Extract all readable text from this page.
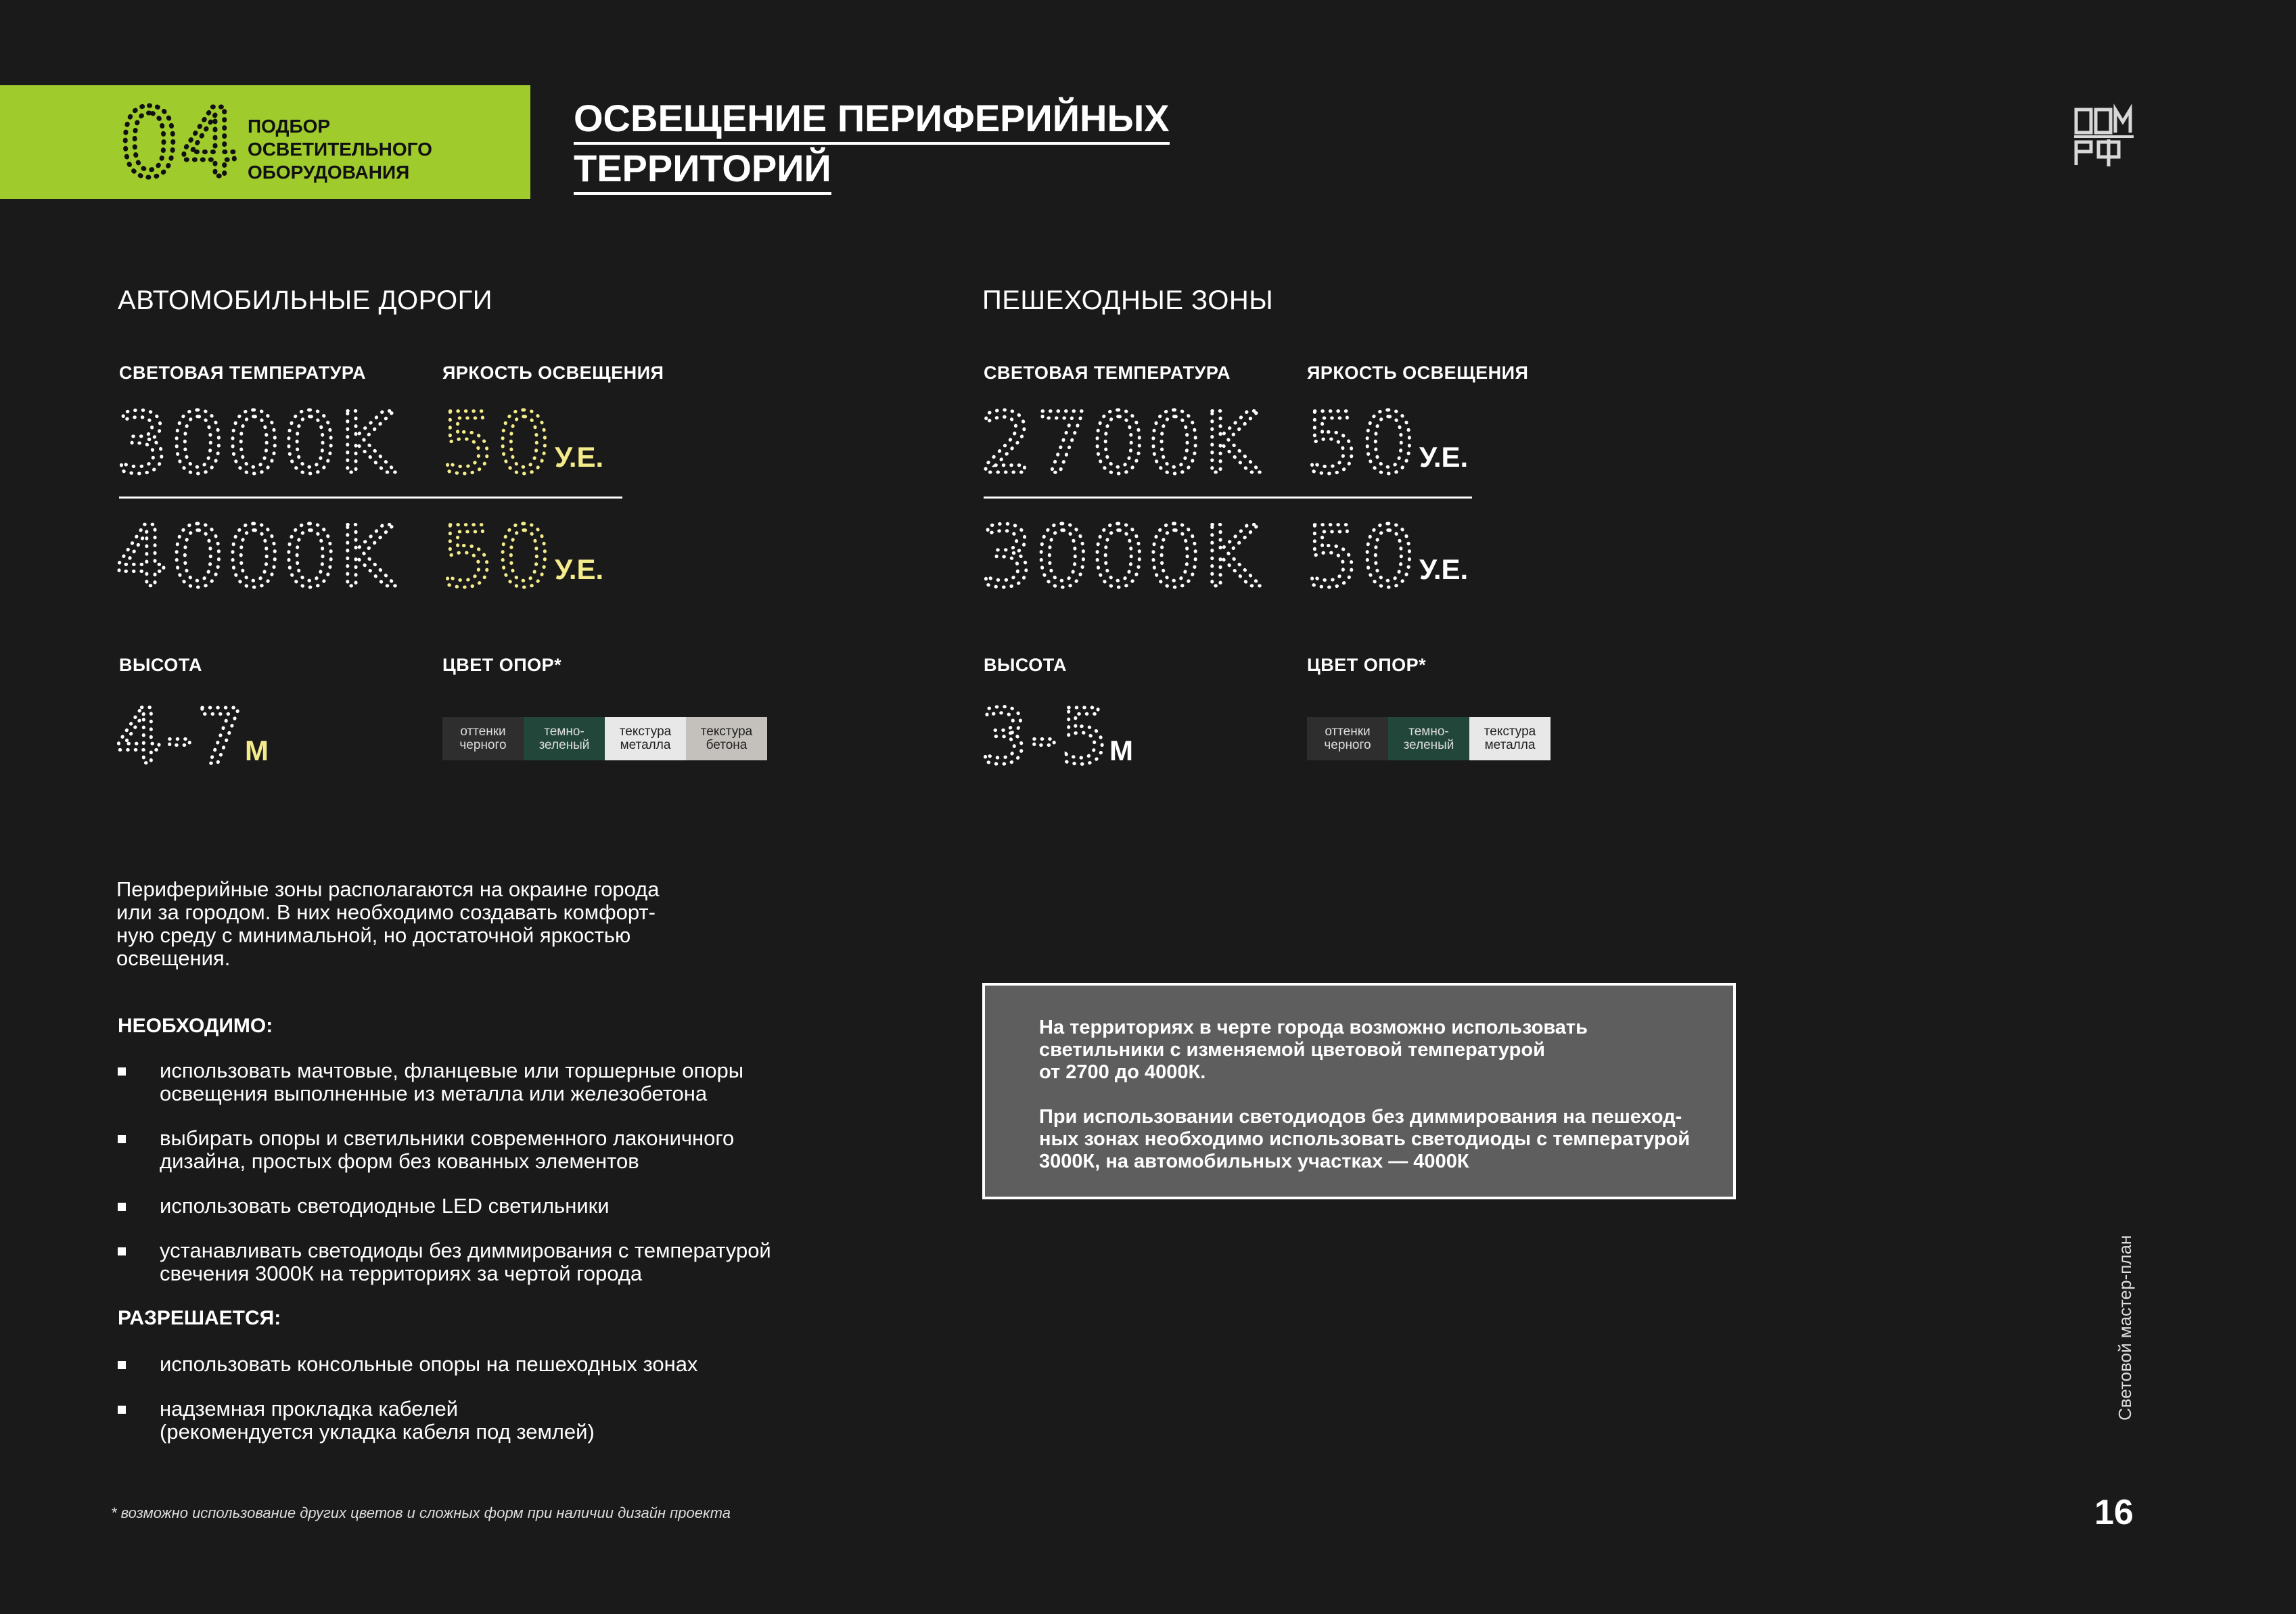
04 ПОДБОР ОСВЕТИТЕЛЬНОГО
ОБОРУДОВАНИЯ
ОСВЕЩЕНИЕ ПЕРИФЕРИЙНЫХ
ТЕРРИТОРИЙ
АВТОМОБИЛЬНЫЕ ДОРОГИ
СВЕТОВАЯ ТЕМПЕРАТУРА	ЯРКОСТЬ ОСВЕЩЕНИЯ
3000K 50 У.Е.
4000K 50 У.Е.
ВЫСОТА	ЦВЕТ ОПОР*
4-7
М
оттенки
черного
темно-
зеленый
текстура
металла
текстура
бетона
ПЕШЕХОДНЫЕ ЗОНЫ
СВЕТОВАЯ ТЕМПЕРАТУРА	ЯРКОСТЬ ОСВЕЩЕНИЯ
2700K 50 У.Е.
3000K 50 У.Е.
ВЫСОТА	ЦВЕТ ОПОР*
3-5
М
оттенки
черного
темно-
зеленый
текстура
металла
Периферийные зоны располагаются на окраине города
или за городом. В них необходимо создавать комфорт-
ную среду с минимальной, но достаточной яркостью
освещения.
НЕОБХОДИМО:
использовать мачтовые, фланцевые или торшерные опоры
освещения выполненные из металла или железобетона
выбирать опоры и светильники современного лаконичного
дизайна, простых форм без кованных элементов
использовать светодиодные LED светильники
устанавливать светодиоды без диммирования с температурой
свечения 3000К на территориях за чертой города
РАЗРЕШАЕТСЯ:
использовать консольные опоры на пешеходных зонах
надземная прокладка кабелей
(рекомендуется укладка кабеля под землей)
На территориях в черте города возможно использовать
светильники с изменяемой цветовой температурой
от 2700 до 4000К.
При использовании светодиодов без диммирования на пешеход-
ных зонах необходимо использовать светодиоды с температурой
3000К, на автомобильных участках — 4000К
Световой мастер-план
16
* возможно использование других цветов и сложных форм при наличии дизайн проекта
